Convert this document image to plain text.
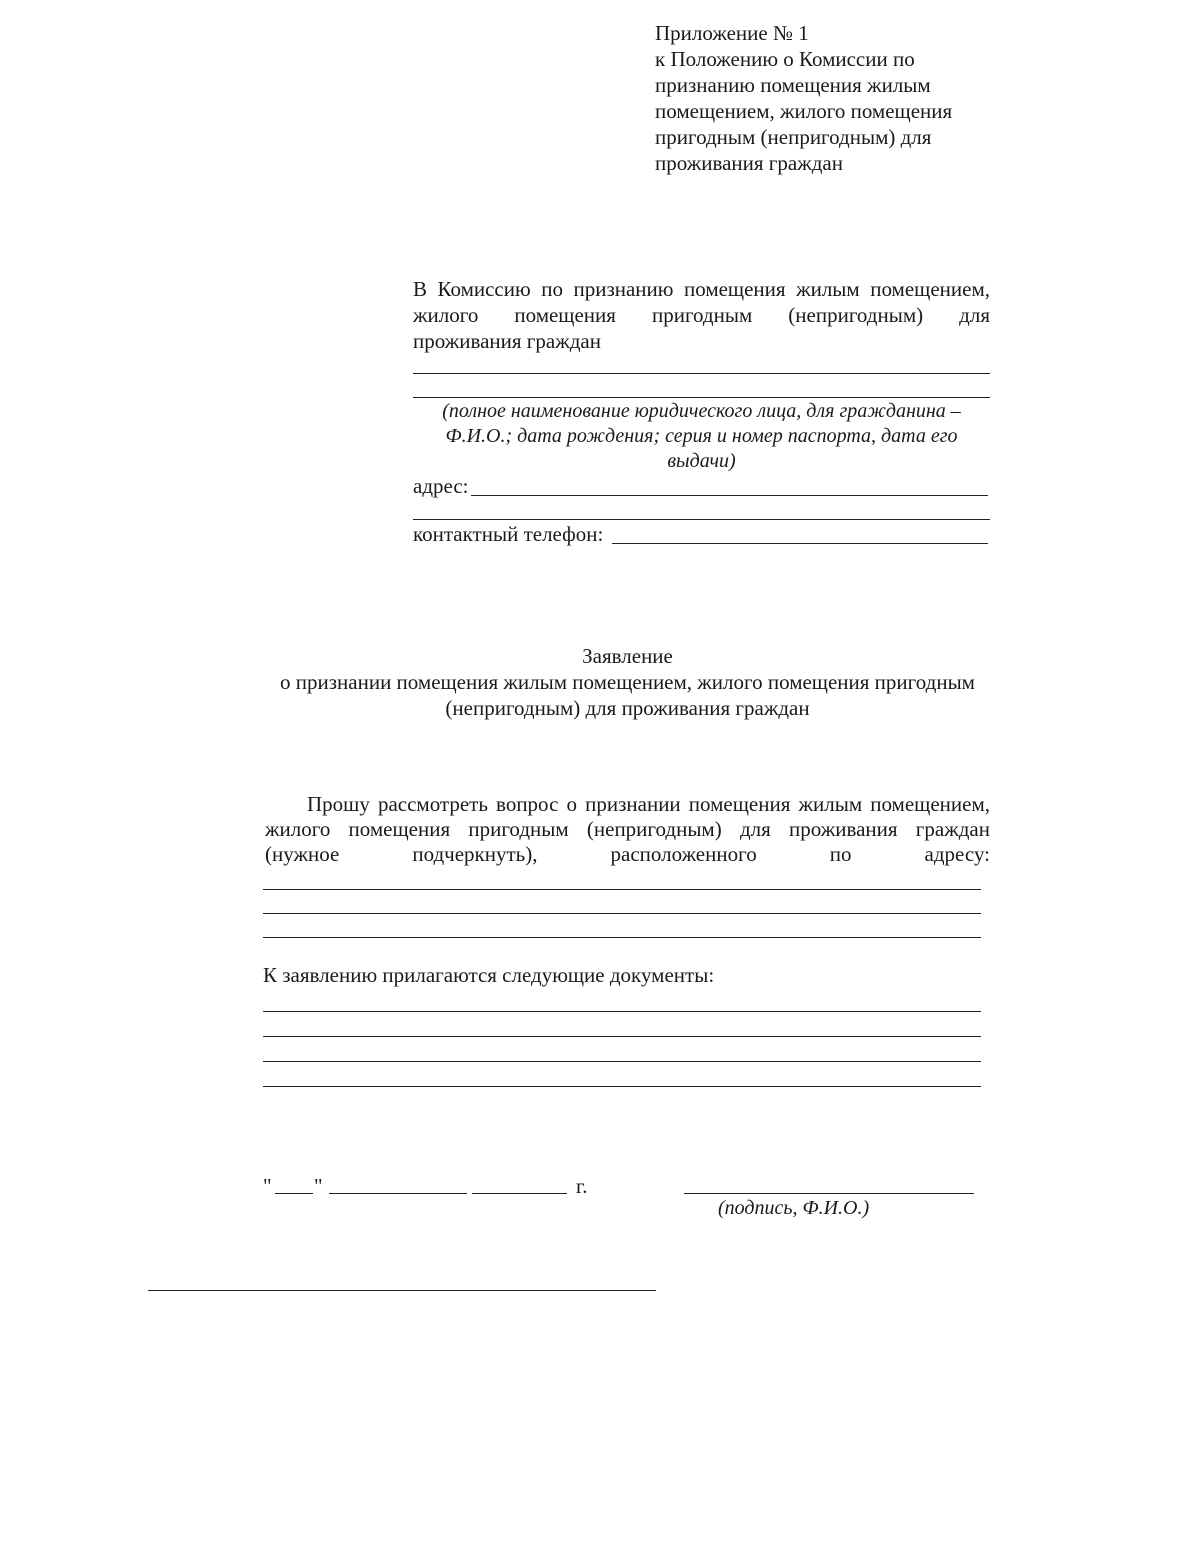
Приложение № 1
к Положению о Комиссии по
признанию помещения жилым
помещением, жилого помещения
пригодным (непригодным) для
проживания граждан
В Комиссию по признанию помещения жилым помещением,
жилого помещения пригодным (непригодным) для
проживания граждан
(полное наименование юридического лица, для гражданина –
Ф.И.О.; дата рождения; серия и номер паспорта, дата его
выдачи)
адрес:
контактный телефон:
Заявление
о признании помещения жилым помещением, жилого помещения пригодным
(непригодным) для проживания граждан
Прошу рассмотреть вопрос о признании помещения жилым помещением,
жилого помещения пригодным (непригодным) для проживания граждан
(нужное	подчеркнуть),	расположенного	по	адресу:
К заявлению прилагаются следующие документы:
" "	г.
(подпись, Ф.И.О.)
